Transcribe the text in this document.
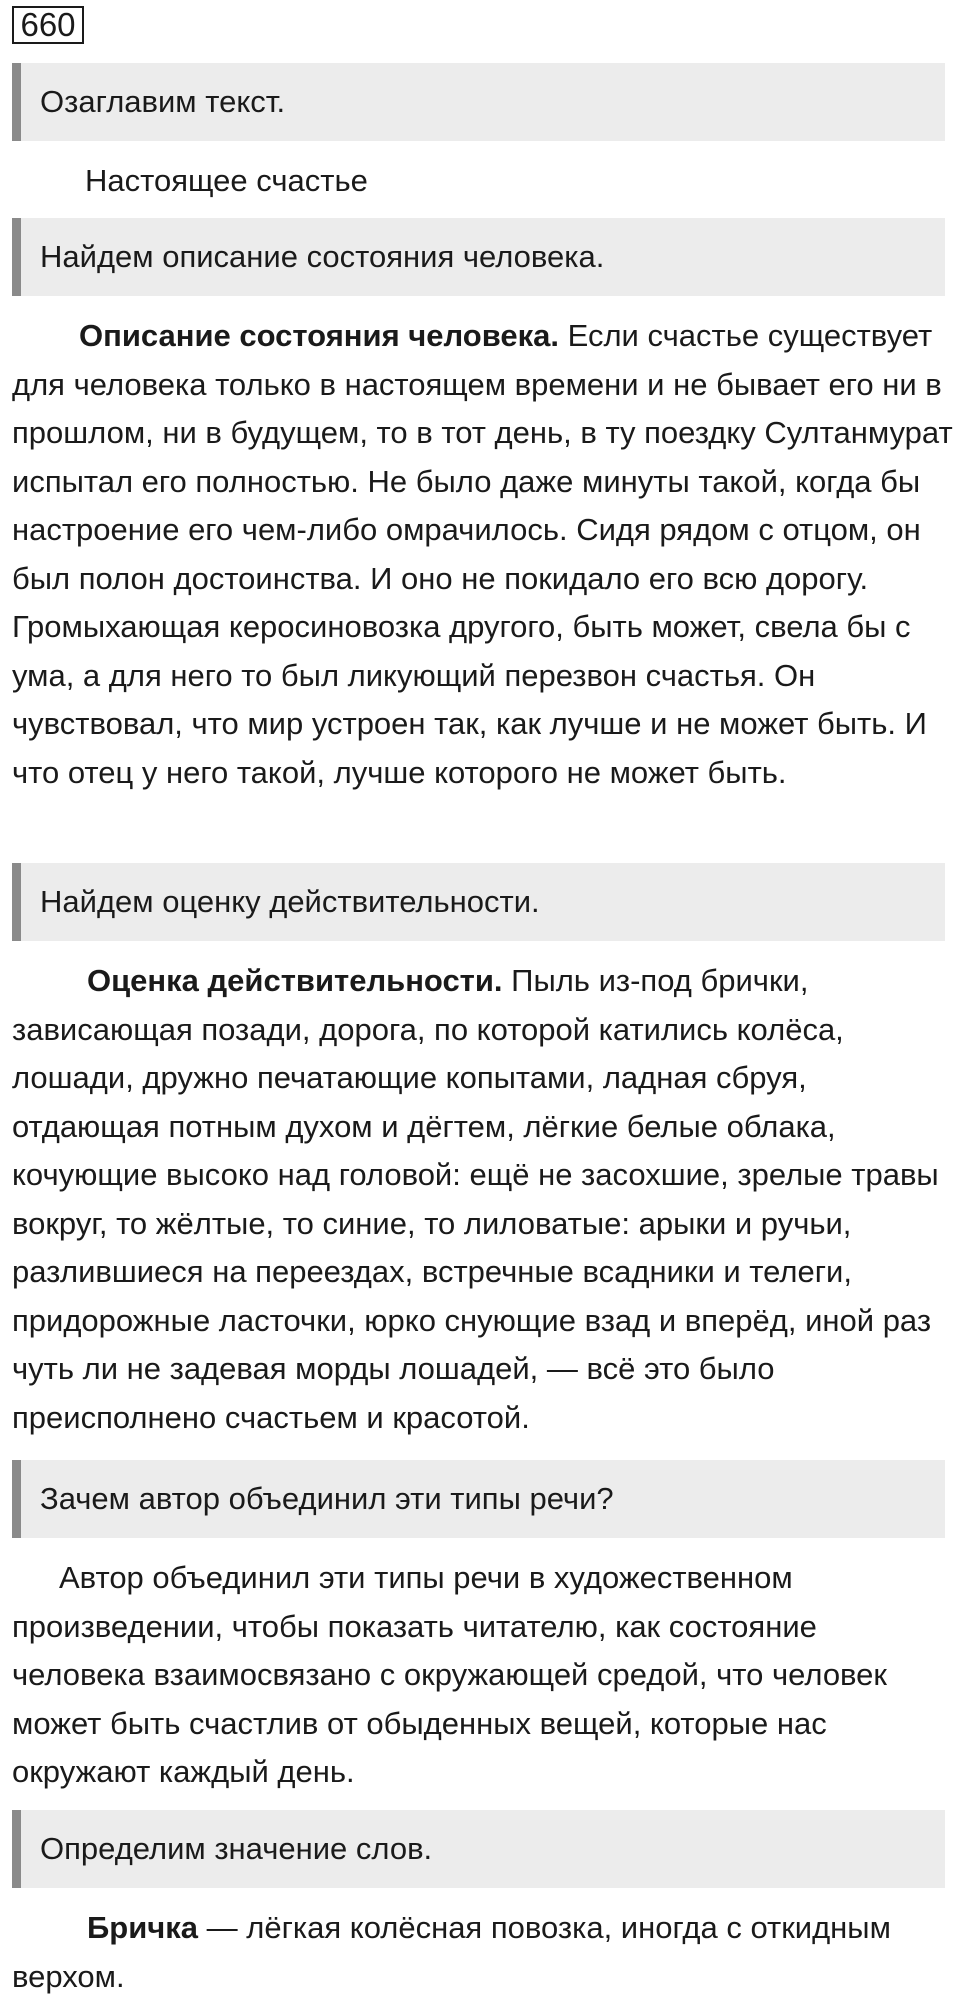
660
Озаглавим текст.
Настоящее счастье
Найдем описание состояния человека.

Описание состояния человека. Если счастье существует для человека только в настоящем времени и не бывает его ни в прошлом, ни в будущем, то в тот день, в ту поездку Султанмурат испытал его полностью. Не было даже минуты такой, когда бы настроение его чем-либо омрачилось. Сидя рядом с отцом, он был полон достоинства. И оно не покидало его всю дорогу. Громыхающая керосиновозка другого, быть может, свела бы с ума, а для него то был ликующий перезвон счастья. Он чувствовал, что мир устроен так, как лучше и не может быть. И что отец у него такой, лучше которого не может быть.

Найдем оценку действительности.

Оценка действительности. Пыль из-под брички, зависающая позади, дорога, по которой катились колёса, лошади, дружно печатающие копытами, ладная сбруя, отдающая потным духом и дёгтем, лёгкие белые облака, кочующие высоко над головой: ещё не засохшие, зрелые травы вокруг, то жёлтые, то синие, то лиловатые: арыки и ручьи, разлившиеся на переездах, встречные всадники и телеги, придорожные ласточки, юрко снующие взад и вперёд, иной раз чуть ли не задевая морды лошадей, — всё это было преисполнено счастьем и красотой.

Зачем автор объединил эти типы речи?

Автор объединил эти типы речи в художественном произведении, чтобы показать читателю, как состояние человека взаимосвязано с окружающей средой, что человек может быть счастлив от обыденных вещей, которые нас окружают каждый день.

Определим значение слов.

Бричка — лёгкая колёсная повозка, иногда с откидным верхом.
